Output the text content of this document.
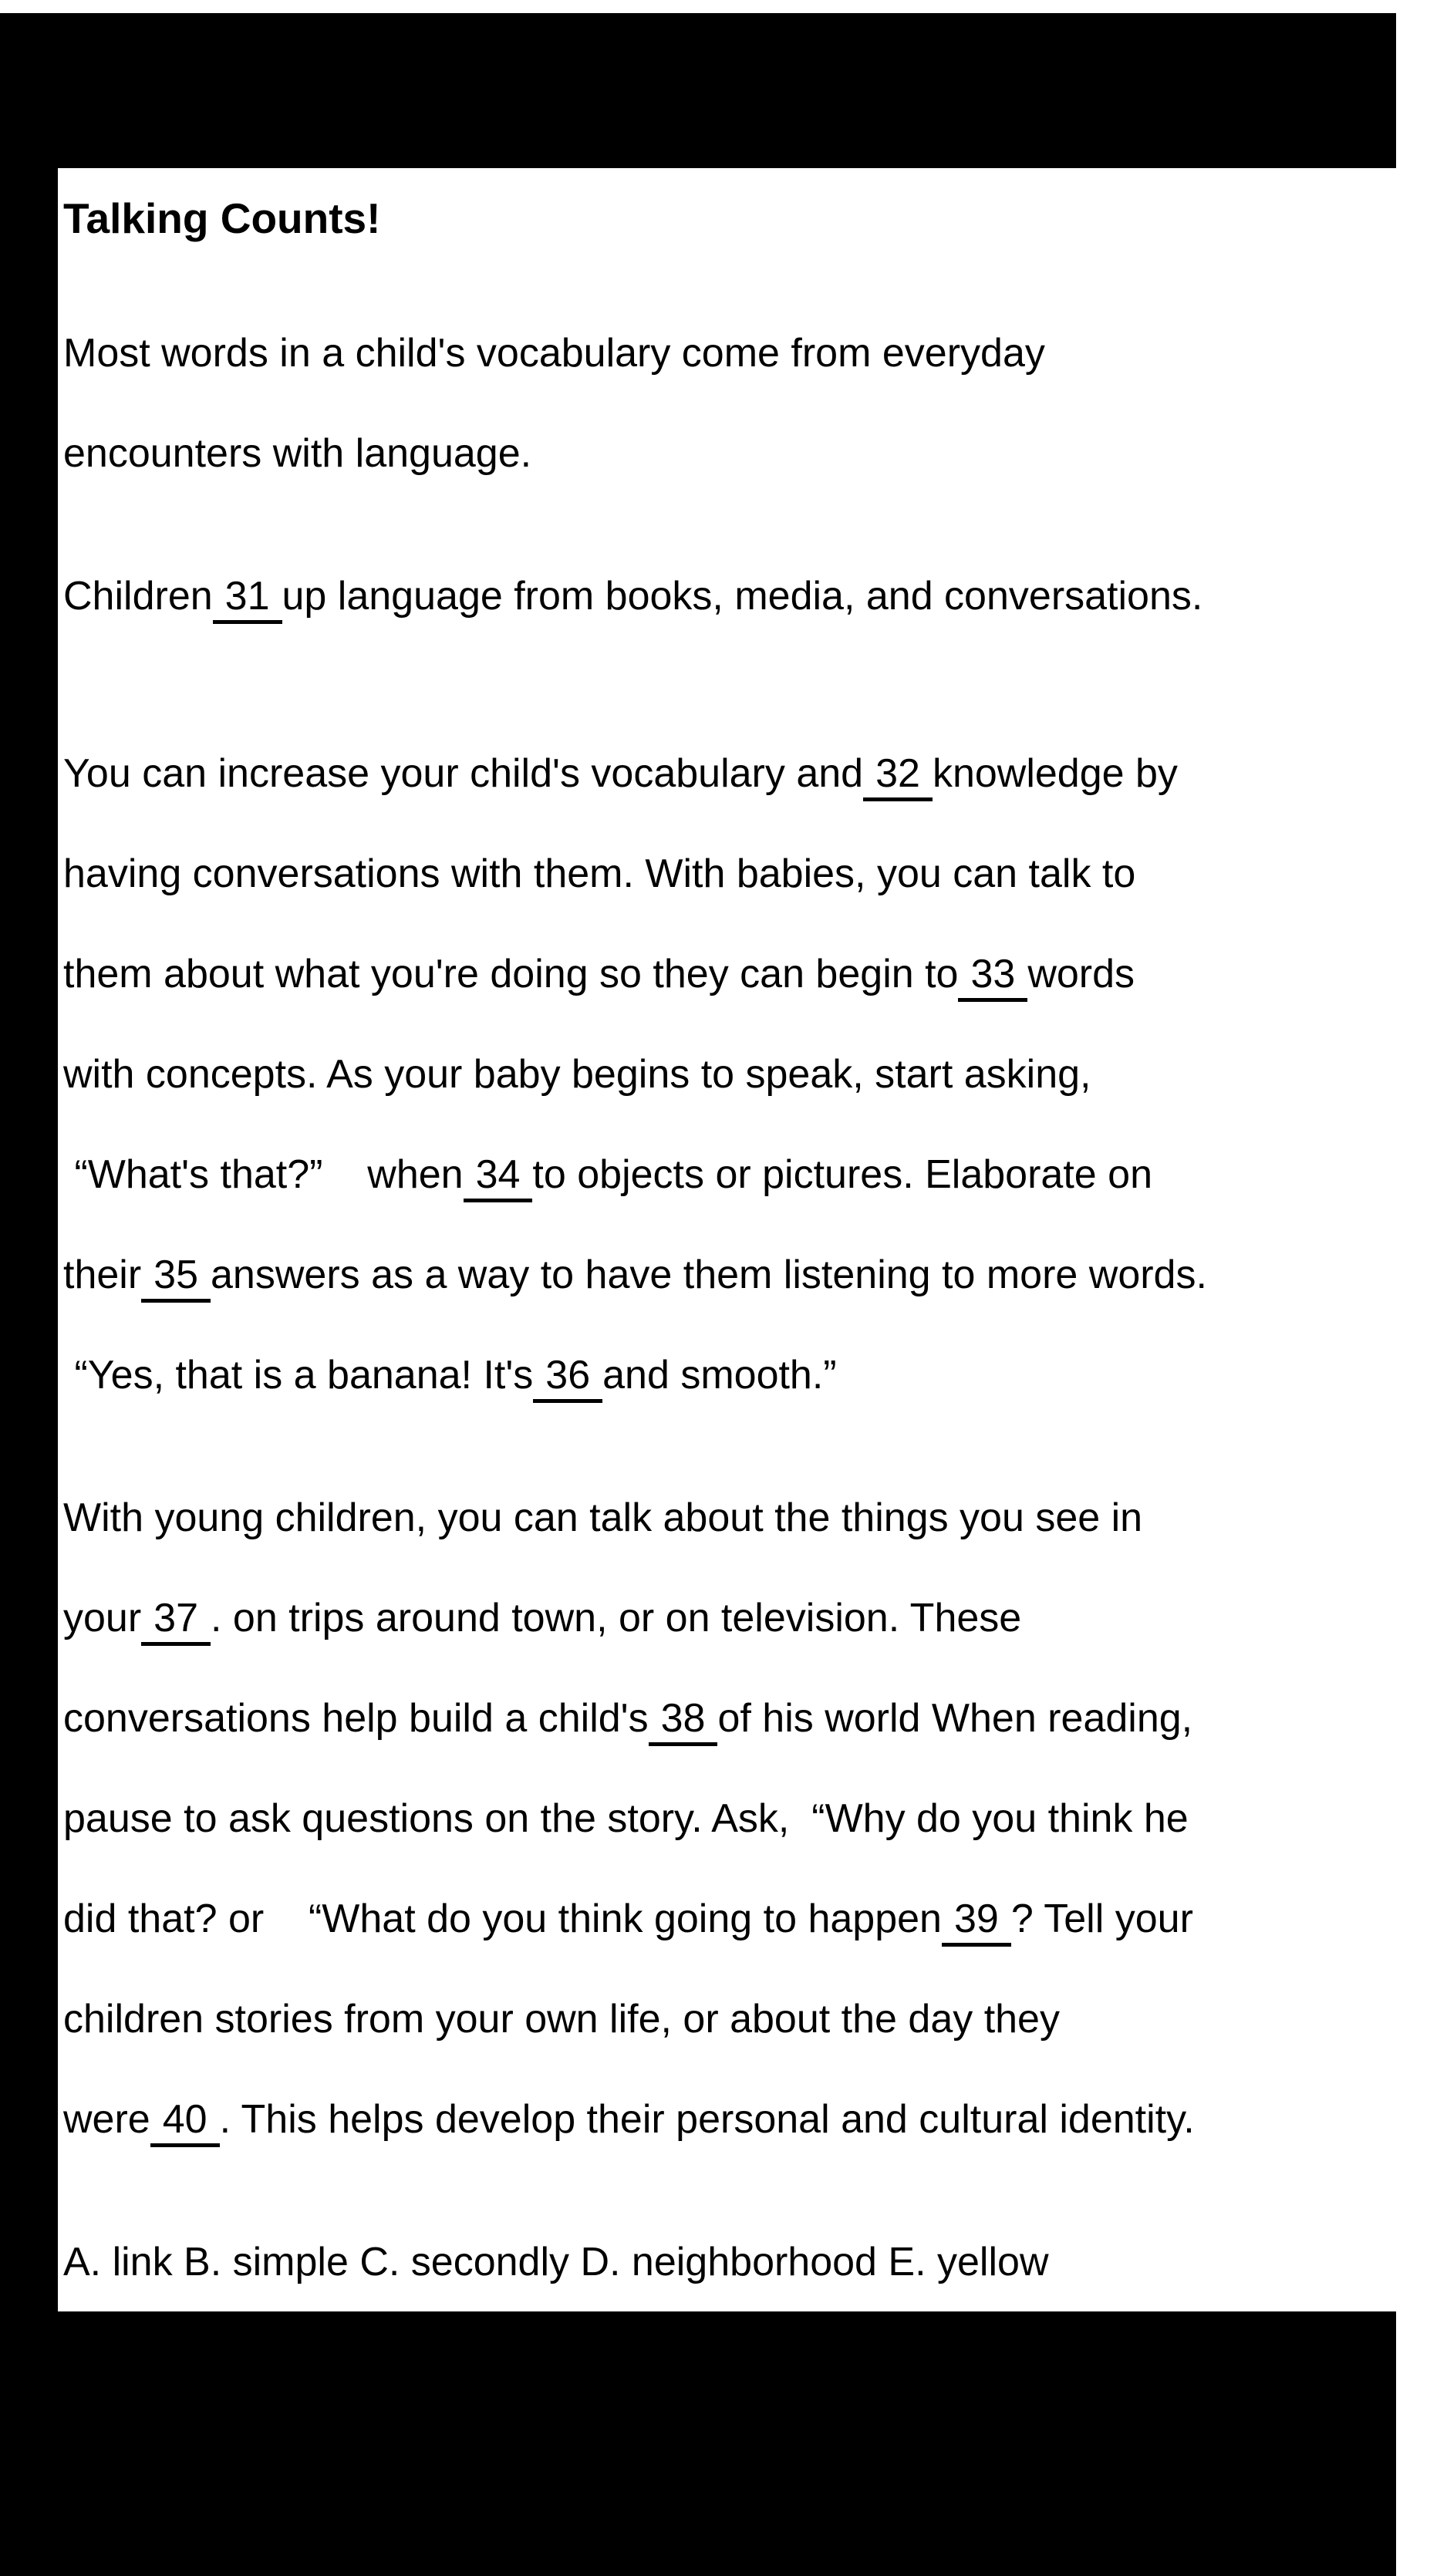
Talking Counts!
Most words in a child's vocabulary come from everyday
encounters with language.
Children 31 up language from books, media, and conversations.
You can increase your child's vocabulary and 32 knowledge by
having conversations with them. With babies, you can talk to
them about what you're doing so they can begin to 33 words
with concepts. As your baby begins to speak, start asking,
“What's that?”    when 34 to objects or pictures. Elaborate on
their 35 answers as a way to have them listening to more words.
“Yes, that is a banana! It's 36 and smooth.”
With young children, you can talk about the things you see in
your 37 . on trips around town, or on television. These
conversations help build a child's 38 of his world When reading,
pause to ask questions on the story. Ask,  “Why do you think he
did that? or    “What do you think going to happen 39 ? Tell your
children stories from your own life, or about the day they
were 40 . This helps develop their personal and cultural identity.
A. link B. simple C. secondly D. neighborhood E. yellow
